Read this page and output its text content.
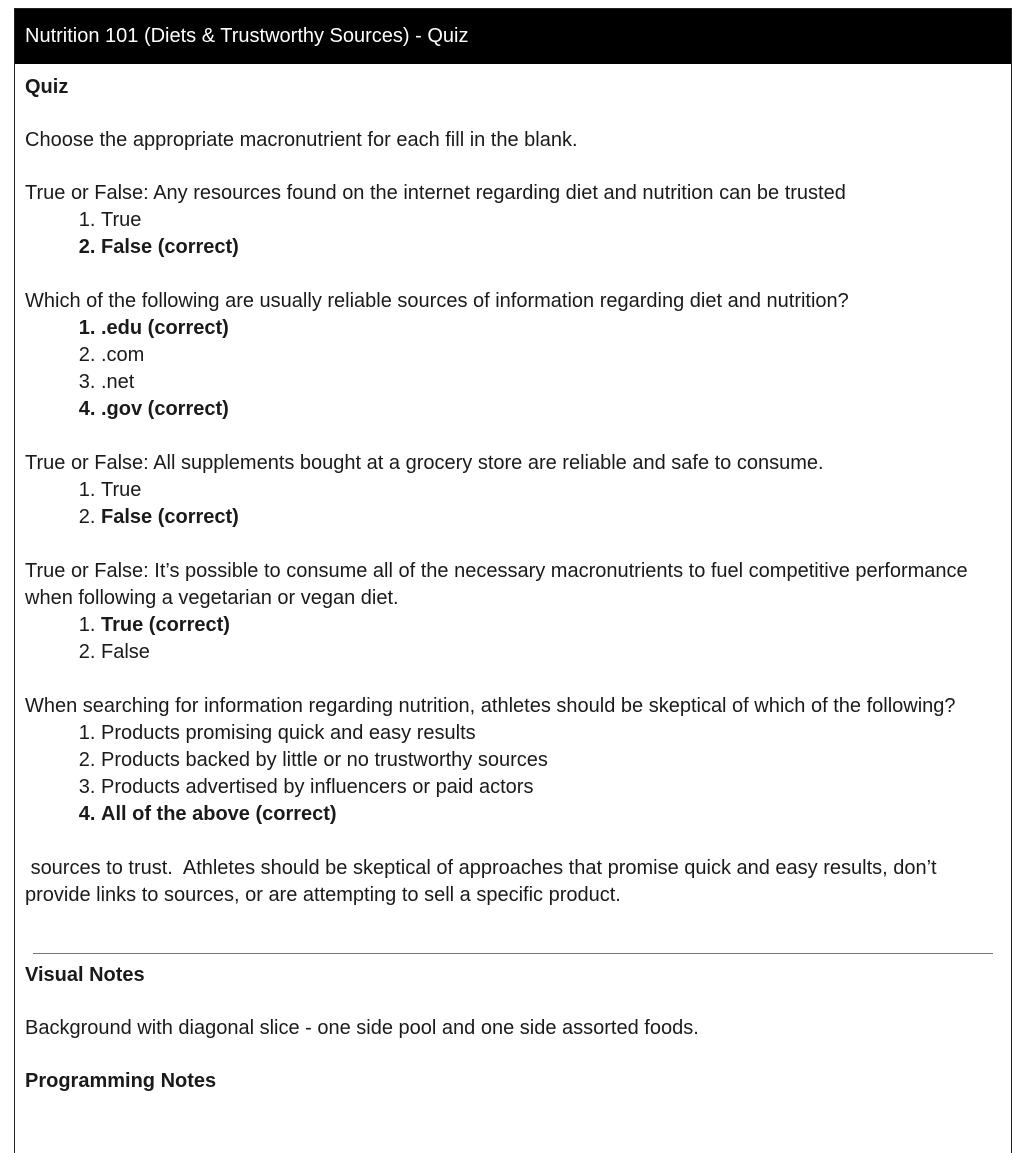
Nutrition 101 (Diets & Trustworthy Sources) - Quiz

Quiz

Choose the appropriate macronutrient for each fill in the blank.

True or False: Any resources found on the internet regarding diet and nutrition can be trusted

1. True
2. False (correct)

Which of the following are usually reliable sources of information regarding diet and nutrition?

1. .edu (correct)
2. .com
3. .net
4. .gov (correct)

True or False: All supplements bought at a grocery store are reliable and safe to consume.

1. True
2. False (correct)

True or False: It’s possible to consume all of the necessary macronutrients to fuel competitive performance when following a vegetarian or vegan diet.

1. True (correct)
2. False

When searching for information regarding nutrition, athletes should be skeptical of which of the following?

1. Products promising quick and easy results
2. Products backed by little or no trustworthy sources
3. Products advertised by influencers or paid actors
4. All of the above (correct)

sources to trust.  Athletes should be skeptical of approaches that promise quick and easy results, don’t provide links to sources, or are attempting to sell a specific product.

Visual Notes

Background with diagonal slice - one side pool and one side assorted foods.

Programming Notes
